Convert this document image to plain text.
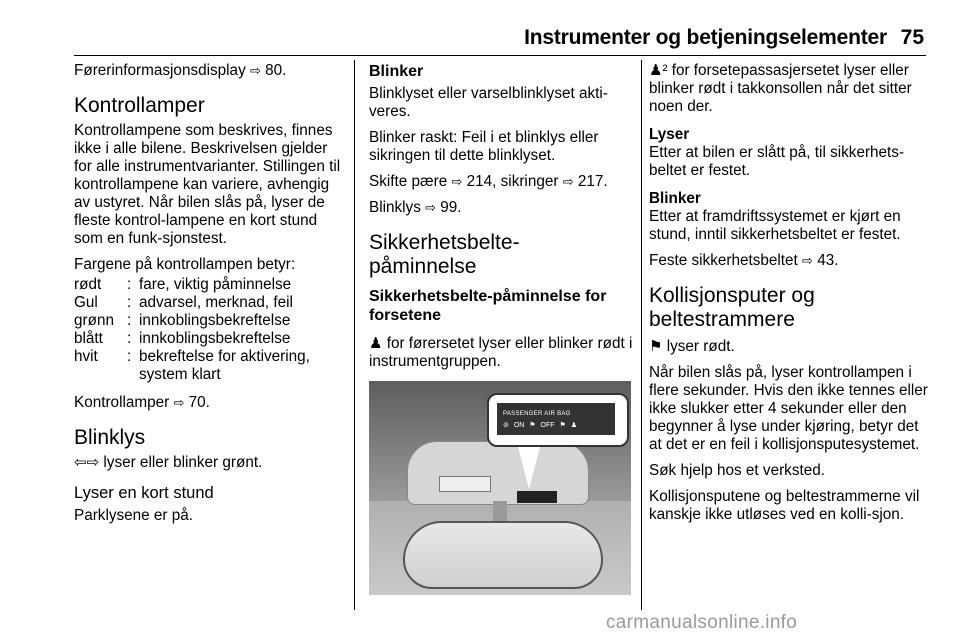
Instrumenter og betjeningselementer 75

Førerinformasjonsdisplay ⇨ 80.

Kontrollamper

Kontrollampene som beskrives, finnes ikke i alle bilene. Beskrivelsen gjelder for alle instrumentvarianter. Stillingen til kontrollampene kan variere, avhengig av ustyret. Når bilen slås på, lyser de fleste kontrol-lampene en kort stund som en funk-sjonstest.

Fargene på kontrollampen betyr:

rødt	:	fare, viktig påminnelse
Gul	:	advarsel, merknad, feil
grønn	:	innkoblingsbekreftelse
blått	:	innkoblingsbekreftelse
hvit	:	bekreftelse for aktivering, system klart

Kontrollamper ⇨ 70.

Blinklys

⇦⇨ lyser eller blinker grønt.

Lyser en kort stund

Parklysene er på.

Blinker

Blinklyset eller varselblinklyset akti-veres.

Blinker raskt: Feil i et blinklys eller sikringen til dette blinklyset.

Skifte pære ⇨ 214, sikringer ⇨ 217.

Blinklys ⇨ 99.

Sikkerhetsbelte-
påminnelse
Sikkerhetsbelte-påminnelse for forsetene

♟ for førersetet lyser eller blinker rødt i instrumentgruppen.

PASSENGER AIR BAG
⊘ ON ⚑ OFF ⚑ ♟

♟² for forsetepassasjersetet lyser eller blinker rødt i takkonsollen når det sitter noen der.

Lyser

Etter at bilen er slått på, til sikkerhets-beltet er festet.

Blinker

Etter at framdriftssystemet er kjørt en stund, inntil sikkerhetsbeltet er festet.

Feste sikkerhetsbeltet ⇨ 43.

Kollisjonsputer og
beltestrammere

⚑ lyser rødt.

Når bilen slås på, lyser kontrollampen i flere sekunder. Hvis den ikke tennes eller ikke slukker etter 4 sekunder eller den begynner å lyse under kjøring, betyr det at det er en feil i kollisjonsputesystemet.

Søk hjelp hos et verksted.

Kollisjonsputene og beltestrammerne vil kanskje ikke utløses ved en kolli-sjon.

carmanualsonline.info
